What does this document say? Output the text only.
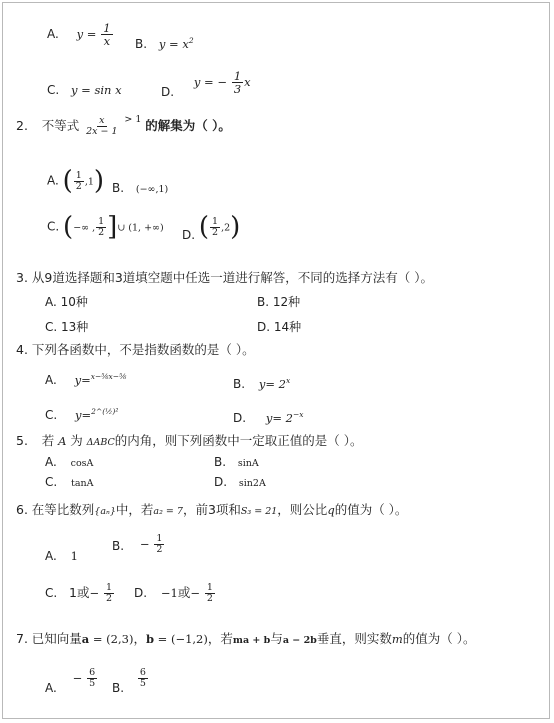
A. $y = \frac{1}{x} B$. $y = x^2$
C. y = sin x	D. y = − $\frac{1}{3}$ x
2. 不等式 $\frac{x}{2x - 1} ^{> 1}$ 的解集为（ ）。
A. ( $\frac{1}{2} ,1$) B. (−∞,1)
C. (−∞ , $\frac{1}{2}$ ]∪ (1, +∞) D. ( $\frac{1}{2} ,2$)
3. 从9道选择题和3道填空题中任选一道进行解答，不同的选择方法有（ ）。
A. 10种	B. 12种
C. 13种	D. 14种
4. 下列各函数中，不是指数函数的是（ ）。
A. y=$^{x-^5⁄_6x-^5⁄_6}$
B. $y= 2^x$
C. y=$^{2\^{}(\frac{1}{2})^2}$	D. $y= 2^{-x}$
5. 若 A 为 ΔABC的内角，则下列函数中一定取正值的是（ ）。
A. cosA	B. sinA
C. tanA	D. sin2A
6. 在等比数列{aₙ}中，若a₂ = 7，前3项和S₃ = 21，则公比q的值为（ ）。
A. 1
B. − $\frac{1}{2}$
C. 1或− $\frac{1}{2} D$. −1或− $\frac{1}{2}$
7. 已知向量a = (2,3)，b = (−1,2)，若ma + b与a − 2b垂直，则实数m的值为（ ）。
A. − $\frac{6}{5} B$. $\frac{6}{5}$
